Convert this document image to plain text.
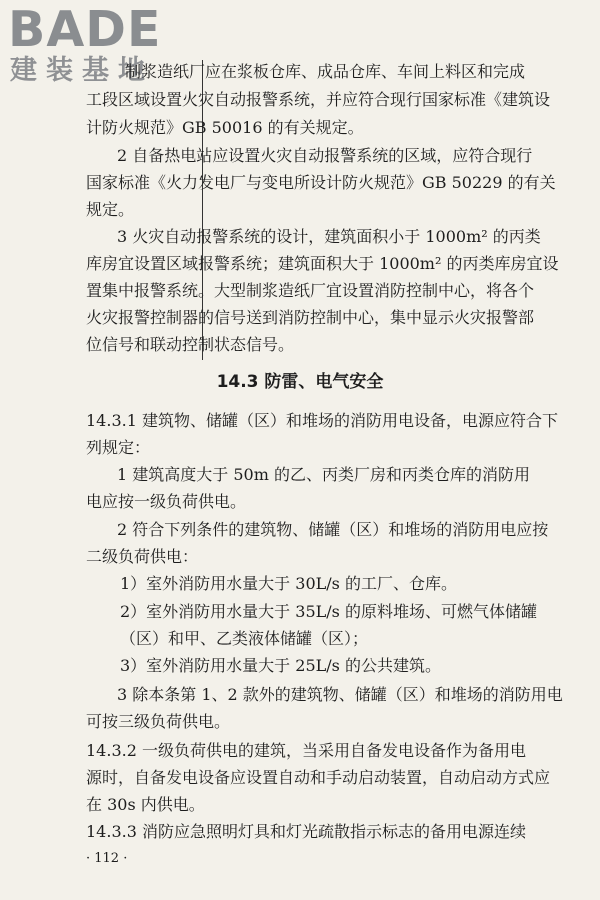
BADE
建装基地
制浆造纸厂应在浆板仓库、成品仓库、车间上料区和完成
工段区域设置火灾自动报警系统，并应符合现行国家标准《建筑设
计防火规范》GB 50016 的有关规定。
2 自备热电站应设置火灾自动报警系统的区域，应符合现行
国家标准《火力发电厂与变电所设计防火规范》GB 50229 的有关
规定。
3 火灾自动报警系统的设计，建筑面积小于 1000m² 的丙类
库房宜设置区域报警系统；建筑面积大于 1000m² 的丙类库房宜设
置集中报警系统。大型制浆造纸厂宜设置消防控制中心，将各个
火灾报警控制器的信号送到消防控制中心，集中显示火灾报警部
位信号和联动控制状态信号。
14.3 防雷、电气安全
14.3.1 建筑物、储罐（区）和堆场的消防用电设备，电源应符合下
列规定：
1 建筑高度大于 50m 的乙、丙类厂房和丙类仓库的消防用
电应按一级负荷供电。
2 符合下列条件的建筑物、储罐（区）和堆场的消防用电应按
二级负荷供电：
1）室外消防用水量大于 30L/s 的工厂、仓库。
2）室外消防用水量大于 35L/s 的原料堆场、可燃气体储罐
（区）和甲、乙类液体储罐（区）；
3）室外消防用水量大于 25L/s 的公共建筑。
3 除本条第 1、2 款外的建筑物、储罐（区）和堆场的消防用电
可按三级负荷供电。
14.3.2 一级负荷供电的建筑，当采用自备发电设备作为备用电
源时，自备发电设备应设置自动和手动启动装置，自动启动方式应
在 30s 内供电。
14.3.3 消防应急照明灯具和灯光疏散指示标志的备用电源连续
· 112 ·
